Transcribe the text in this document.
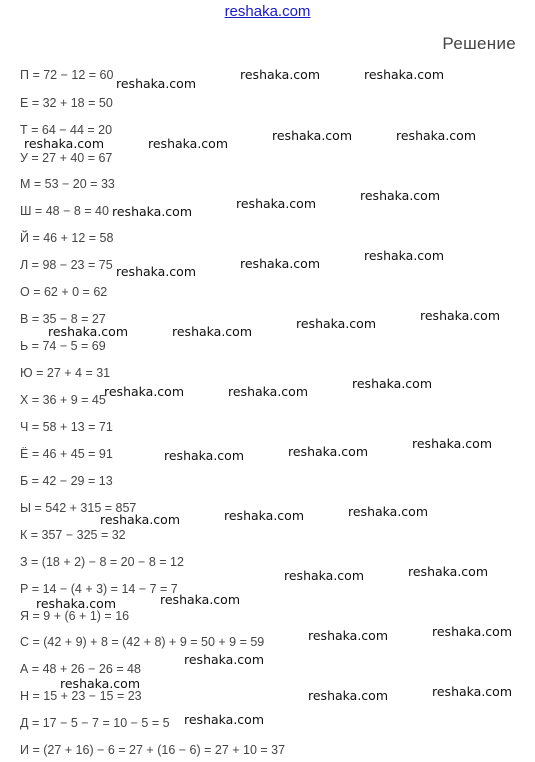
reshaka.com
Решение
П = 72 − 12 = 60
Е = 32 + 18 = 50
Т = 64 − 44 = 20
У = 27 + 40 = 67
М = 53 − 20 = 33
Ш = 48 − 8 = 40
Й = 46 + 12 = 58
Л = 98 − 23 = 75
О = 62 + 0 = 62
В = 35 − 8 = 27
Ь = 74 − 5 = 69
Ю = 27 + 4 = 31
Х = 36 + 9 = 45
Ч = 58 + 13 = 71
Ё = 46 + 45 = 91
Б = 42 − 29 = 13
Ы = 542 + 315 = 857
К = 357 − 325 = 32
З = (18 + 2) − 8 = 20 − 8 = 12
Р = 14 − (4 + 3) = 14 − 7 = 7
Я = 9 + (6 + 1) = 16
С = (42 + 9) + 8 = (42 + 8) + 9 = 50 + 9 = 59
А = 48 + 26 − 26 = 48
Н = 15 + 23 − 15 = 23
Д = 17 − 5 − 7 = 10 − 5 = 5
И = (27 + 16) − 6 = 27 + (16 − 6) = 27 + 10 = 37
reshaka.com
reshaka.com	reshaka.com
reshaka.com	reshaka.com
reshaka.com	reshaka.com
reshaka.com
reshaka.com
reshaka.com
reshaka.com
reshaka.com
reshaka.com
reshaka.com	reshaka.com
reshaka.com
reshaka.com
reshaka.com	reshaka.com
reshaka.com
reshaka.com	reshaka.com
reshaka.com
reshaka.com	reshaka.com	reshaka.com
reshaka.com	reshaka.com
reshaka.com	reshaka.com
reshaka.com	reshaka.com
reshaka.com
reshaka.com
reshaka.com	reshaka.com
reshaka.com
